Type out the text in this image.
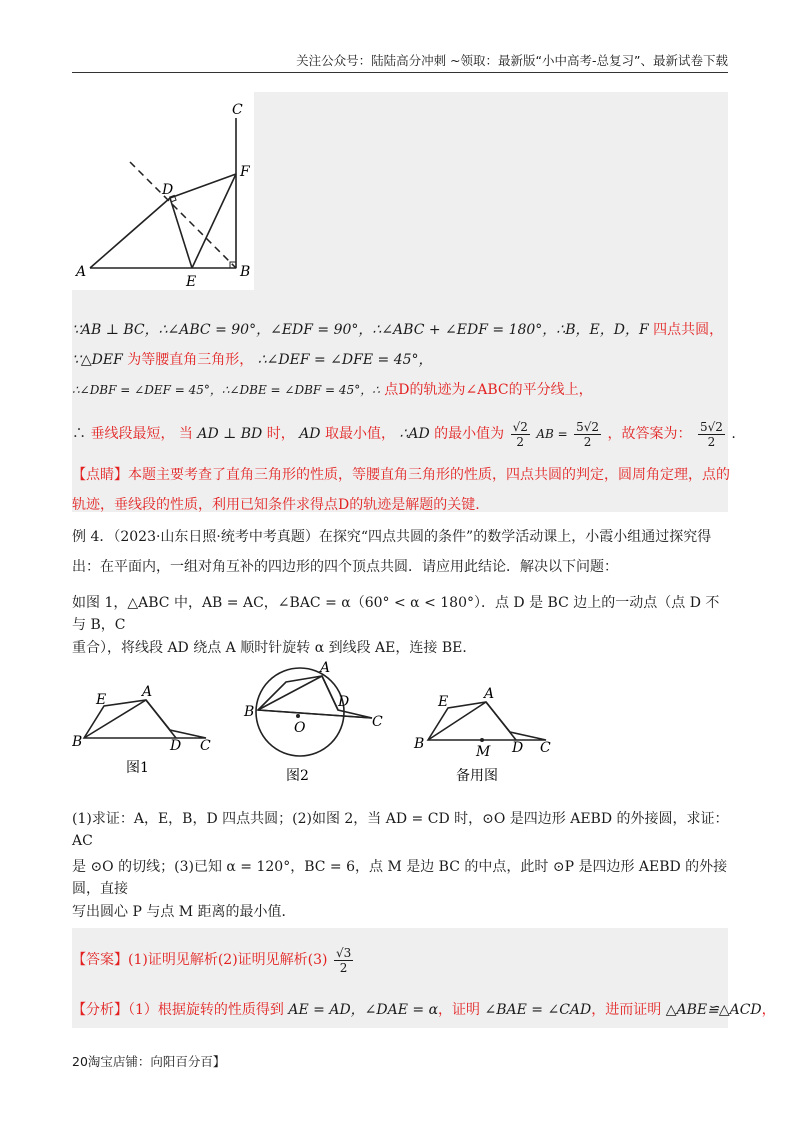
关注公众号：陆陆高分冲刺 ~领取：最新版“小中高考-总复习”、最新试卷下载
A	B
C
D
E
F
∵AB ⊥ BC，∴∠ABC = 90°，∠EDF = 90°，∴∠ABC + ∠EDF = 180°，∴B，E，D，F 四点共圆，
∵△DEF 为等腰直角三角形， ∴∠DEF = ∠DFE = 45°，
∴∠DBF = ∠DEF = 45°，∴∠DBE = ∠DBF = 45°，∴ 点D的轨迹为∠ABC的平分线上，
∴ 垂线段最短， 当 AD ⊥ BD 时， AD 取最小值， ∴AD 的最小值为 $\frac{√2}{2}$ AB = $\frac{5√2}{2}$ ，故答案为： $\frac{5√2}{2}$ .
【点睛】本题主要考查了直角三角形的性质，等腰直角三角形的性质，四点共圆的判定，圆周角定理，点的轨迹，垂线段的性质，利用已知条件求得点D的轨迹是解题的关键.
例 4．（2023·山东日照·统考中考真题）在探究“四点共圆的条件”的数学活动课上，小霞小组通过探究得出：在平面内，一组对角互补的四边形的四个顶点共圆．请应用此结论．解决以下问题：
如图 1，△ABC 中，AB = AC，∠BAC = α（60° < α < 180°）．点 D 是 BC 边上的一动点（点 D 不与 B，C
重合），将线段 AD 绕点 A 顺时针旋转 α 到线段 AE，连接 BE．
E	A
B	D C
A
B
D
C
O
E	A
B	M D C
图1	图2	备用图
(1)求证：A，E，B，D 四点共圆；(2)如图 2，当 AD = CD 时，⊙O 是四边形 AEBD 的外接圆，求证：AC
是 ⊙O 的切线；(3)已知 α = 120°，BC = 6，点 M 是边 BC 的中点，此时 ⊙P 是四边形 AEBD 的外接圆，直接
写出圆心 P 与点 M 距离的最小值．
【答案】(1)证明见解析(2)证明见解析$(3) \frac{√3}{2}$
【分析】（1）根据旋转的性质得到 AE = AD，∠DAE = α，证明 ∠BAE = ∠CAD，进而证明 △ABE≌△ACD，
20淘宝店铺：向阳百分百】
